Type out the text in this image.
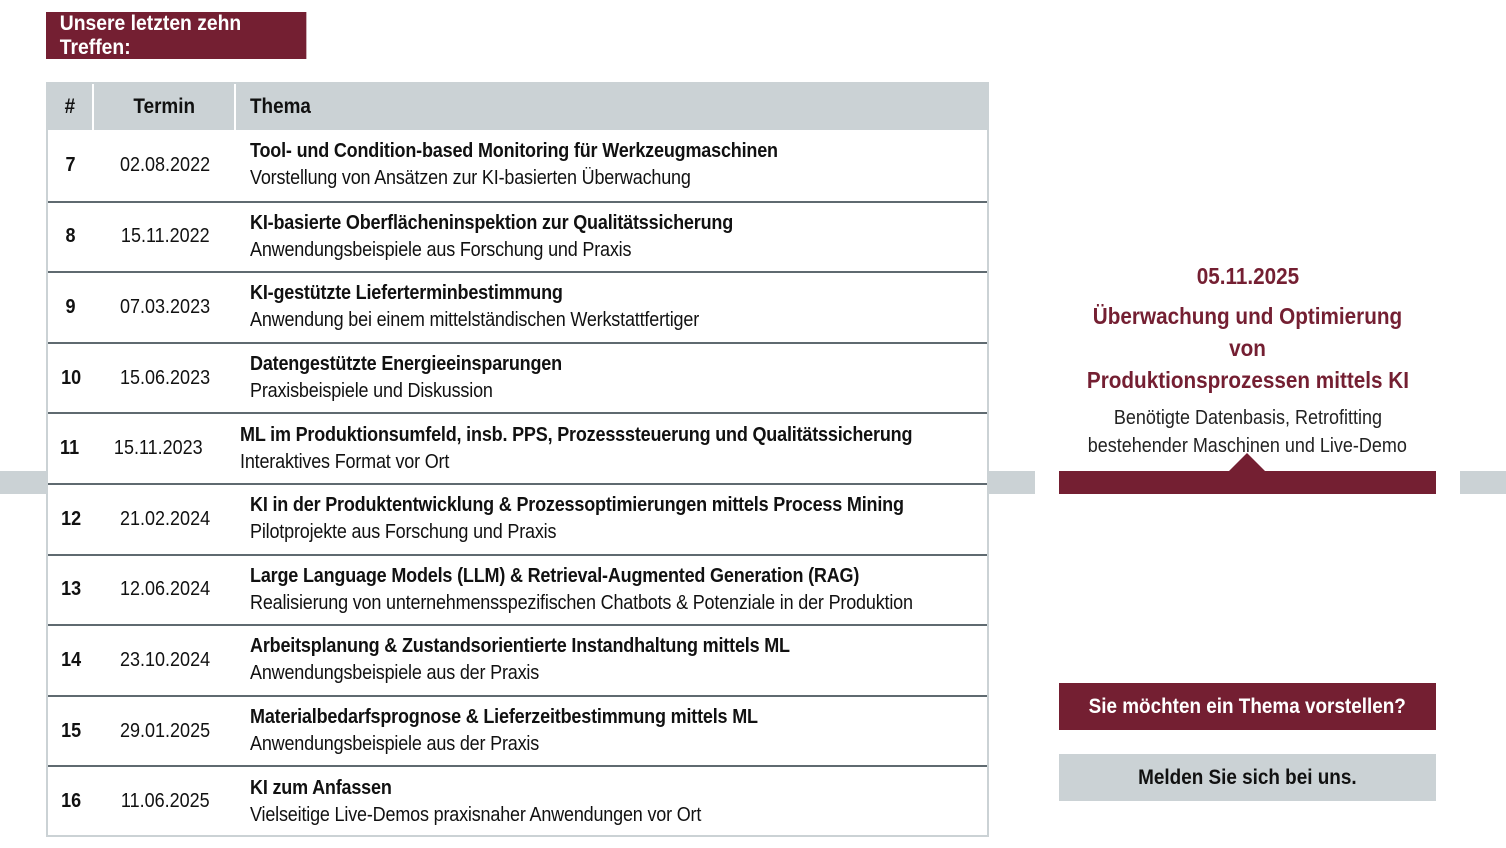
Unsere letzten zehn Treffen:
#	Termin	Thema
7 02.08.2022
Tool- und Condition-based Monitoring für Werkzeugmaschinen
Vorstellung von Ansätzen zur KI-basierten Überwachung
8 15.11.2022
KI-basierte Oberflächeninspektion zur Qualitätssicherung
Anwendungsbeispiele aus Forschung und Praxis
9 07.03.2023
KI-gestützte Lieferterminbestimmung
Anwendung bei einem mittelständischen Werkstattfertiger
10 15.06.2023
Datengestützte Energieeinsparungen
Praxisbeispiele und Diskussion
11 15.11.2023
ML im Produktionsumfeld, insb. PPS, Prozesssteuerung und Qualitätssicherung
Interaktives Format vor Ort
12 21.02.2024
KI in der Produktentwicklung & Prozessoptimierungen mittels Process Mining
Pilotprojekte aus Forschung und Praxis
13 12.06.2024
Large Language Models (LLM) & Retrieval-Augmented Generation (RAG)
Realisierung von unternehmensspezifischen Chatbots & Potenziale in der Produktion
14 23.10.2024
Arbeitsplanung & Zustandsorientierte Instandhaltung mittels ML
Anwendungsbeispiele aus der Praxis
15 29.01.2025
Materialbedarfsprognose & Lieferzeitbestimmung mittels ML
Anwendungsbeispiele aus der Praxis
16 11.06.2025
KI zum Anfassen
Vielseitige Live-Demos praxisnaher Anwendungen vor Ort
05.11.2025
Überwachung und Optimierung von
Produktionsprozessen mittels KI
Benötigte Datenbasis, Retrofitting
bestehender Maschinen und Live-Demo
Sie möchten ein Thema vorstellen?
Melden Sie sich bei uns.
